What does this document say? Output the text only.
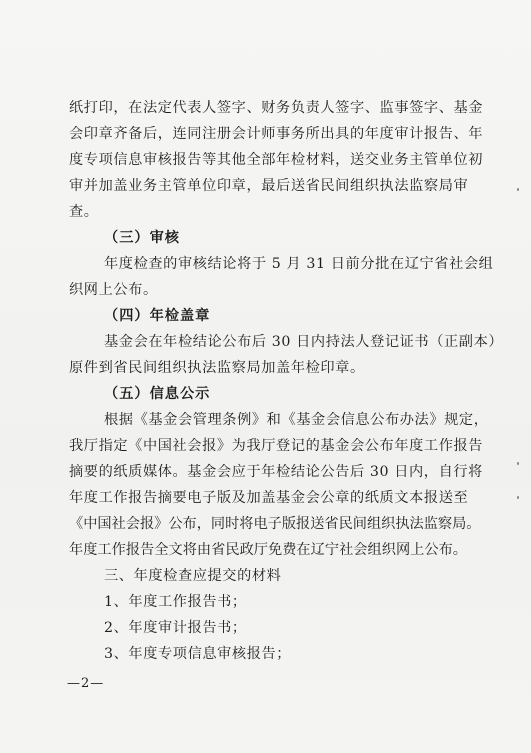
纸打印，在法定代表人签字、财务负责人签字、监事签字、基金
会印章齐备后，连同注册会计师事务所出具的年度审计报告、年
度专项信息审核报告等其他全部年检材料，送交业务主管单位初
审并加盖业务主管单位印章，最后送省民间组织执法监察局审
查。
（三）审核
年度检查的审核结论将于 5 月 31 日前分批在辽宁省社会组
织网上公布。
（四）年检盖章
基金会在年检结论公布后 30 日内持法人登记证书（正副本）
原件到省民间组织执法监察局加盖年检印章。
（五）信息公示
根据《基金会管理条例》和《基金会信息公布办法》规定，
我厅指定《中国社会报》为我厅登记的基金会公布年度工作报告
摘要的纸质媒体。基金会应于年检结论公告后 30 日内，自行将
年度工作报告摘要电子版及加盖基金会公章的纸质文本报送至
《中国社会报》公布，同时将电子版报送省民间组织执法监察局。
年度工作报告全文将由省民政厅免费在辽宁社会组织网上公布。
三、年度检查应提交的材料
1、年度工作报告书；
2、年度审计报告书；
3、年度专项信息审核报告；
—2—
